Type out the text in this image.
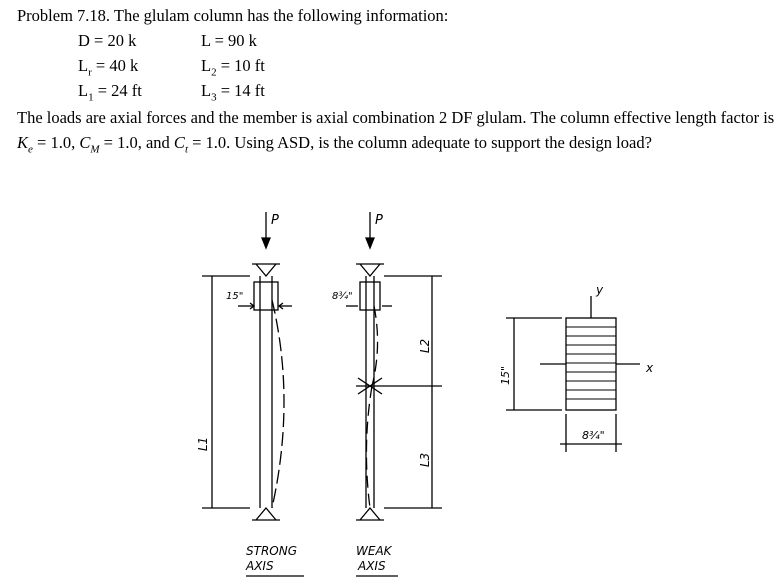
Problem 7.18. The glulam column has the following information:
D = 20 k	L = 90 k
$L_r = 40$ k	$L_2 = 10$ ft
$L_1 = 24$ ft	$L_3 = 14$ ft
The loads are axial forces and the member is axial combination 2 DF glulam. The column effective length factor is $K_e = 1.0$, $C_M = 1.0$, and $C_t = 1.0$. Using ASD, is the column adequate to support the design load?
P	P
15"	8¾"
L1
L2
L3
15"
8¾"
y
x
STRONG
AXIS
WEAK
AXIS
